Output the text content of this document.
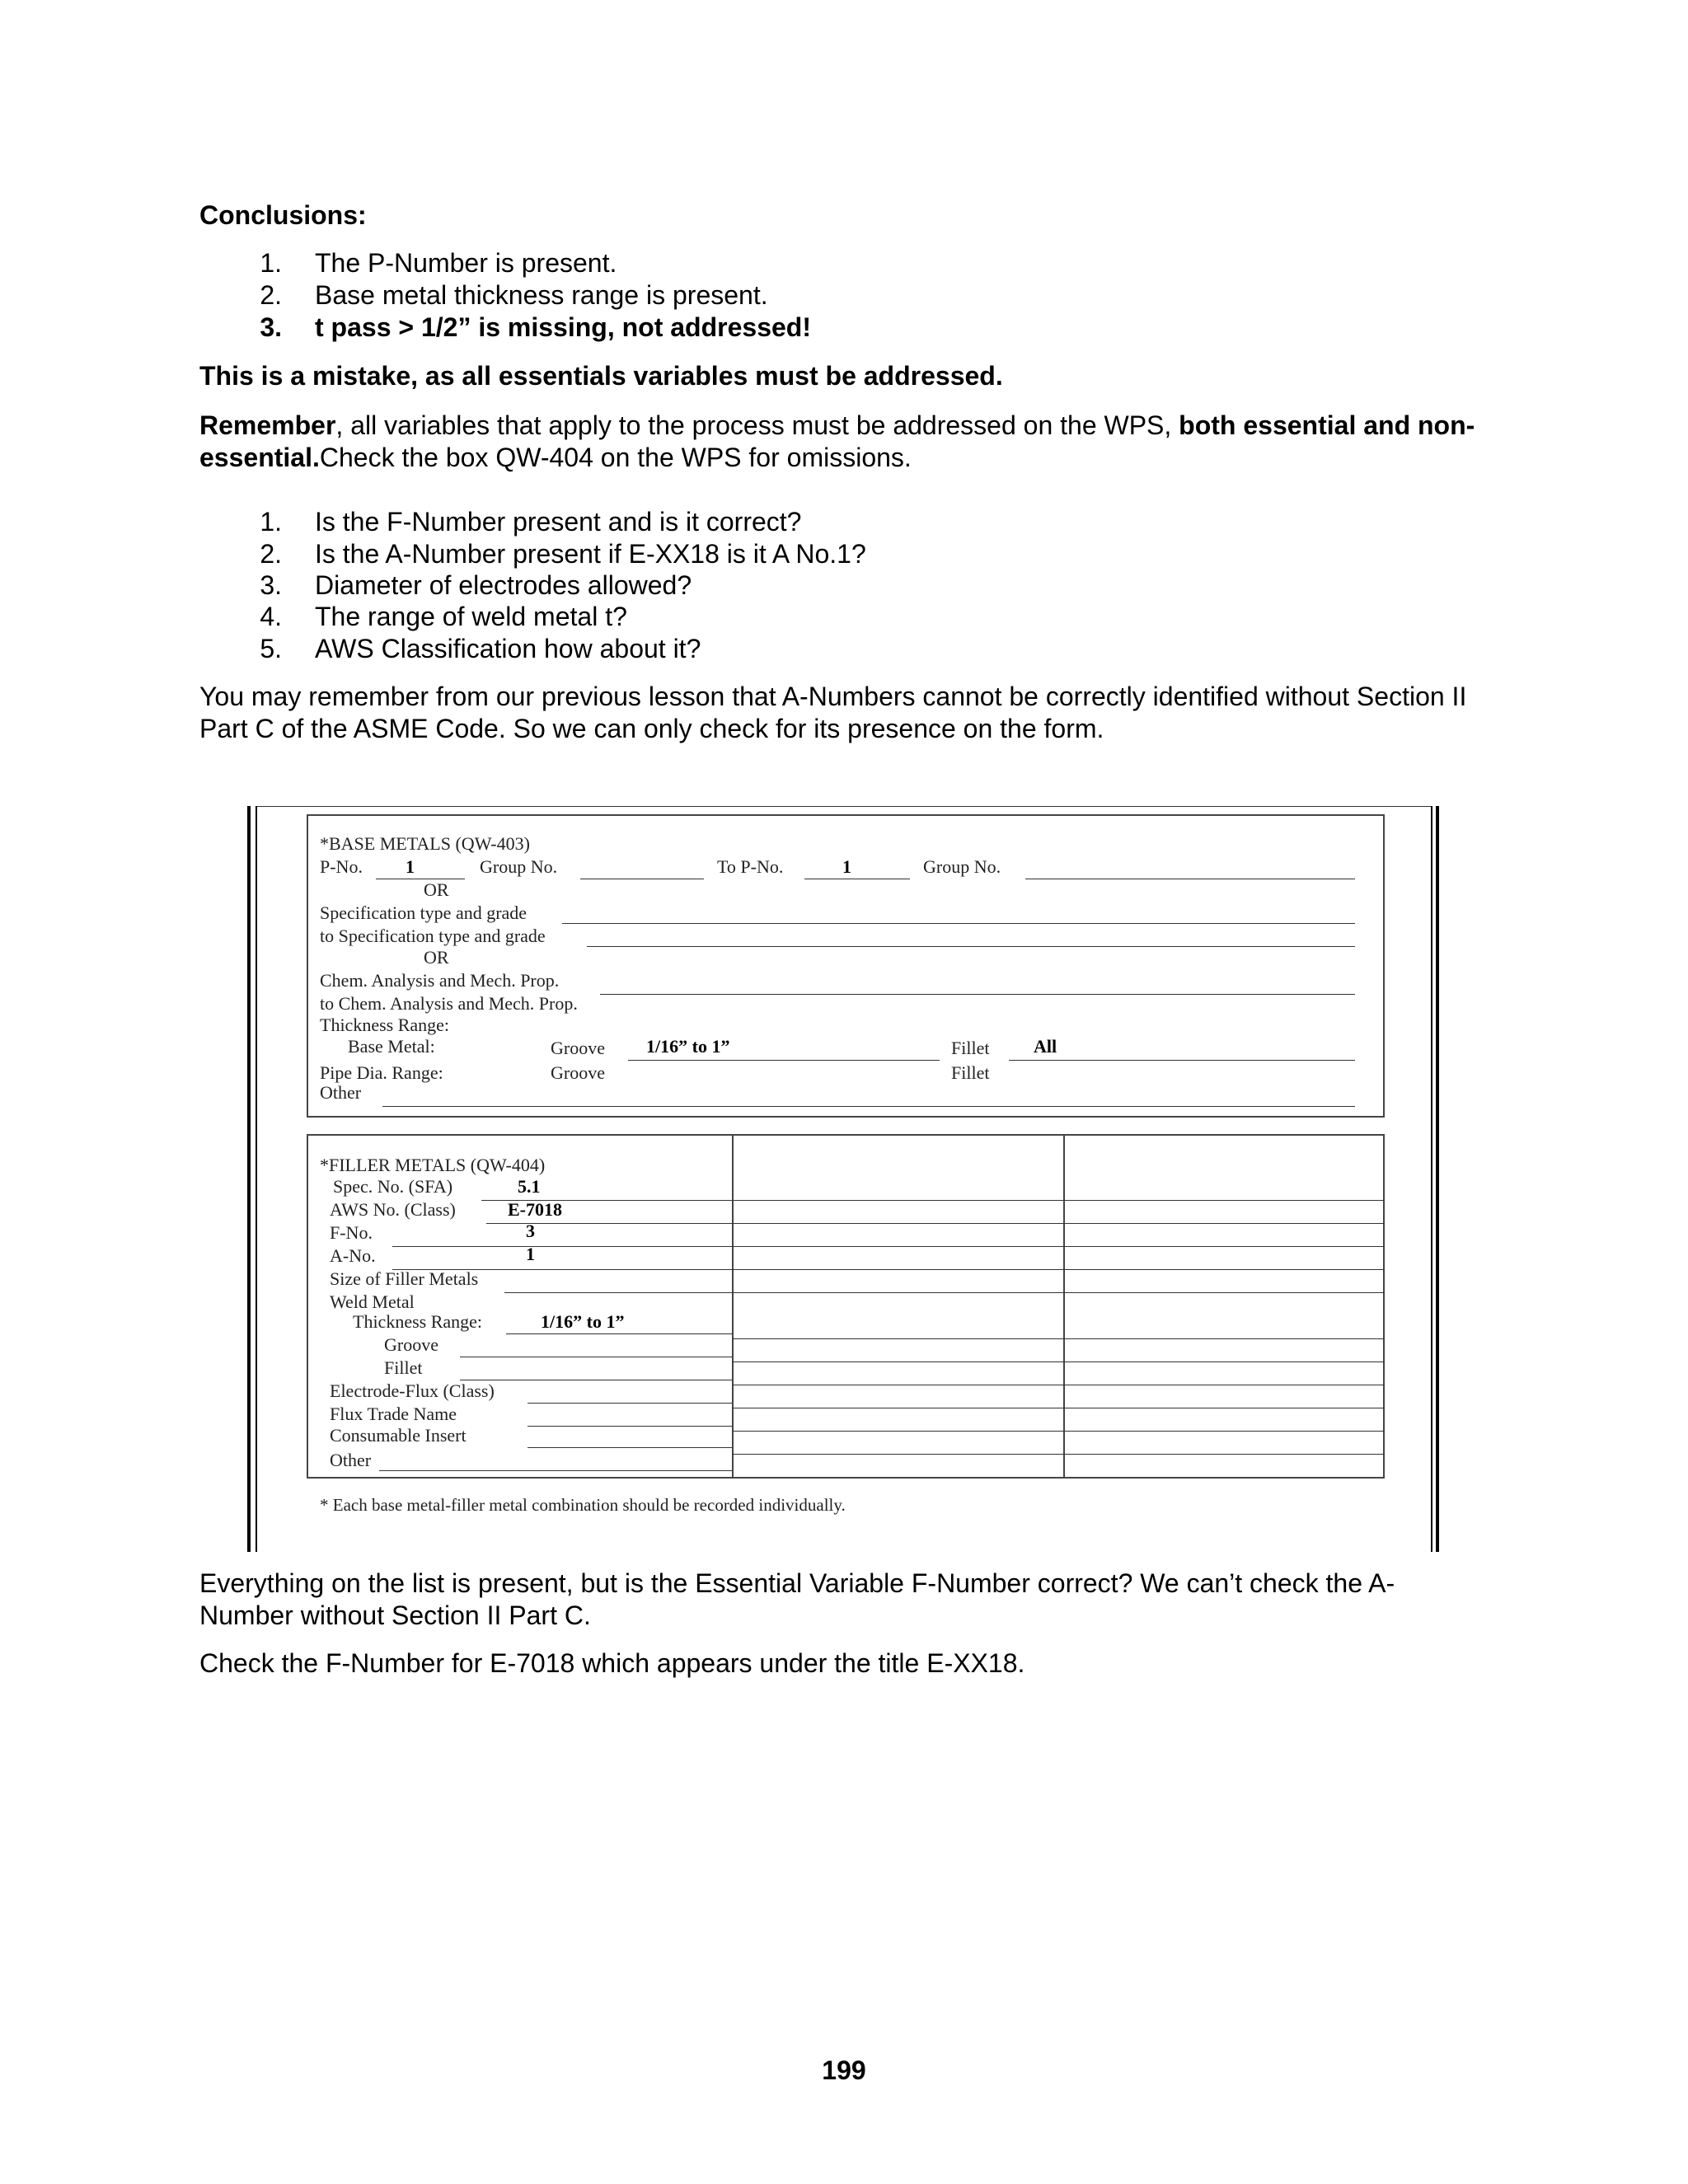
Conclusions:
1. The P-Number is present.
2. Base metal thickness range is present.
3. t pass > 1/2” is missing, not addressed!
This is a mistake, as all essentials variables must be addressed.
Remember, all variables that apply to the process must be addressed on the WPS, both essential and non-essential.Check the box QW-404 on the WPS for omissions.
1. Is the F-Number present and is it correct?
2. Is the A-Number present if E-XX18 is it A No.1?
3. Diameter of electrodes allowed?
4. The range of weld metal t?
5. AWS Classification how about it?
You may remember from our previous lesson that A-Numbers cannot be correctly identified without Section II Part C of the ASME Code. So we can only check for its presence on the form.
*BASE METALS (QW-403)
P-No. 1	Group No.	To P-No.	1	Group No.
OR
Specification type and grade
to Specification type and grade
OR
Chem. Analysis and Mech. Prop.
to Chem. Analysis and Mech. Prop.
Thickness Range:
Base Metal:	Groove 1/16” to 1”	Fillet All
Pipe Dia. Range:	Groove	Fillet
Other
*FILLER METALS (QW-404)
Spec. No. (SFA)	5.1
AWS No. (Class)	E-7018
F-No.	3
A-No.	1
Size of Filler Metals
Weld Metal
Thickness Range:	1/16” to 1”
Groove
Fillet
Electrode-Flux (Class)
Flux Trade Name
Consumable Insert
Other
* Each base metal-filler metal combination should be recorded individually.
Everything on the list is present, but is the Essential Variable F-Number correct? We can’t check the A-Number without Section II Part C.
Check the F-Number for E-7018 which appears under the title E-XX18.
199
